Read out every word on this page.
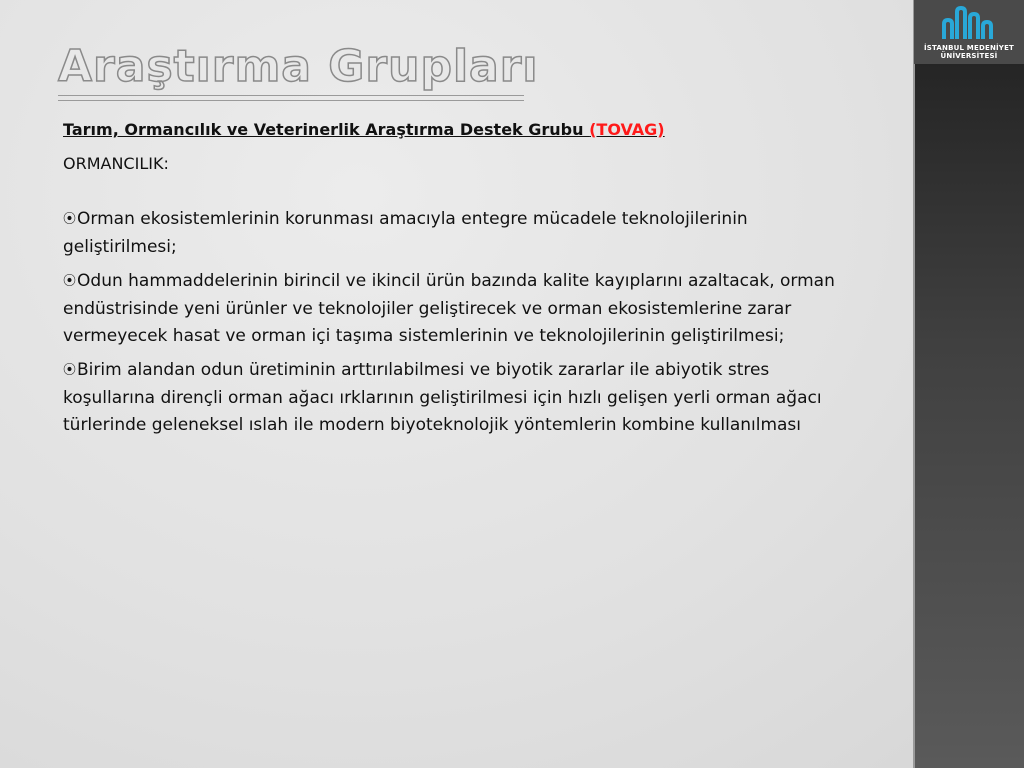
İSTANBUL MEDENİYET
ÜNİVERSİTESİ
Araştırma Grupları

Tarım, Ormancılık ve Veterinerlik Araştırma Destek Grubu (TOVAG)

ORMANCILIK:

⦿Orman ekosistemlerinin korunması amacıyla entegre mücadele teknolojilerinin geliştirilmesi;
⦿Odun hammaddelerinin birincil ve ikincil ürün bazında kalite kayıplarını azaltacak, orman endüstrisinde yeni ürünler ve teknolojiler geliştirecek ve orman ekosistemlerine zarar vermeyecek hasat ve orman içi taşıma sistemlerinin ve teknolojilerinin geliştirilmesi;
⦿Birim alandan odun üretiminin arttırılabilmesi ve biyotik zararlar ile abiyotik stres koşullarına dirençli orman ağacı ırklarının geliştirilmesi için hızlı gelişen yerli orman ağacı türlerinde geleneksel ıslah ile modern biyoteknolojik yöntemlerin kombine kullanılması
